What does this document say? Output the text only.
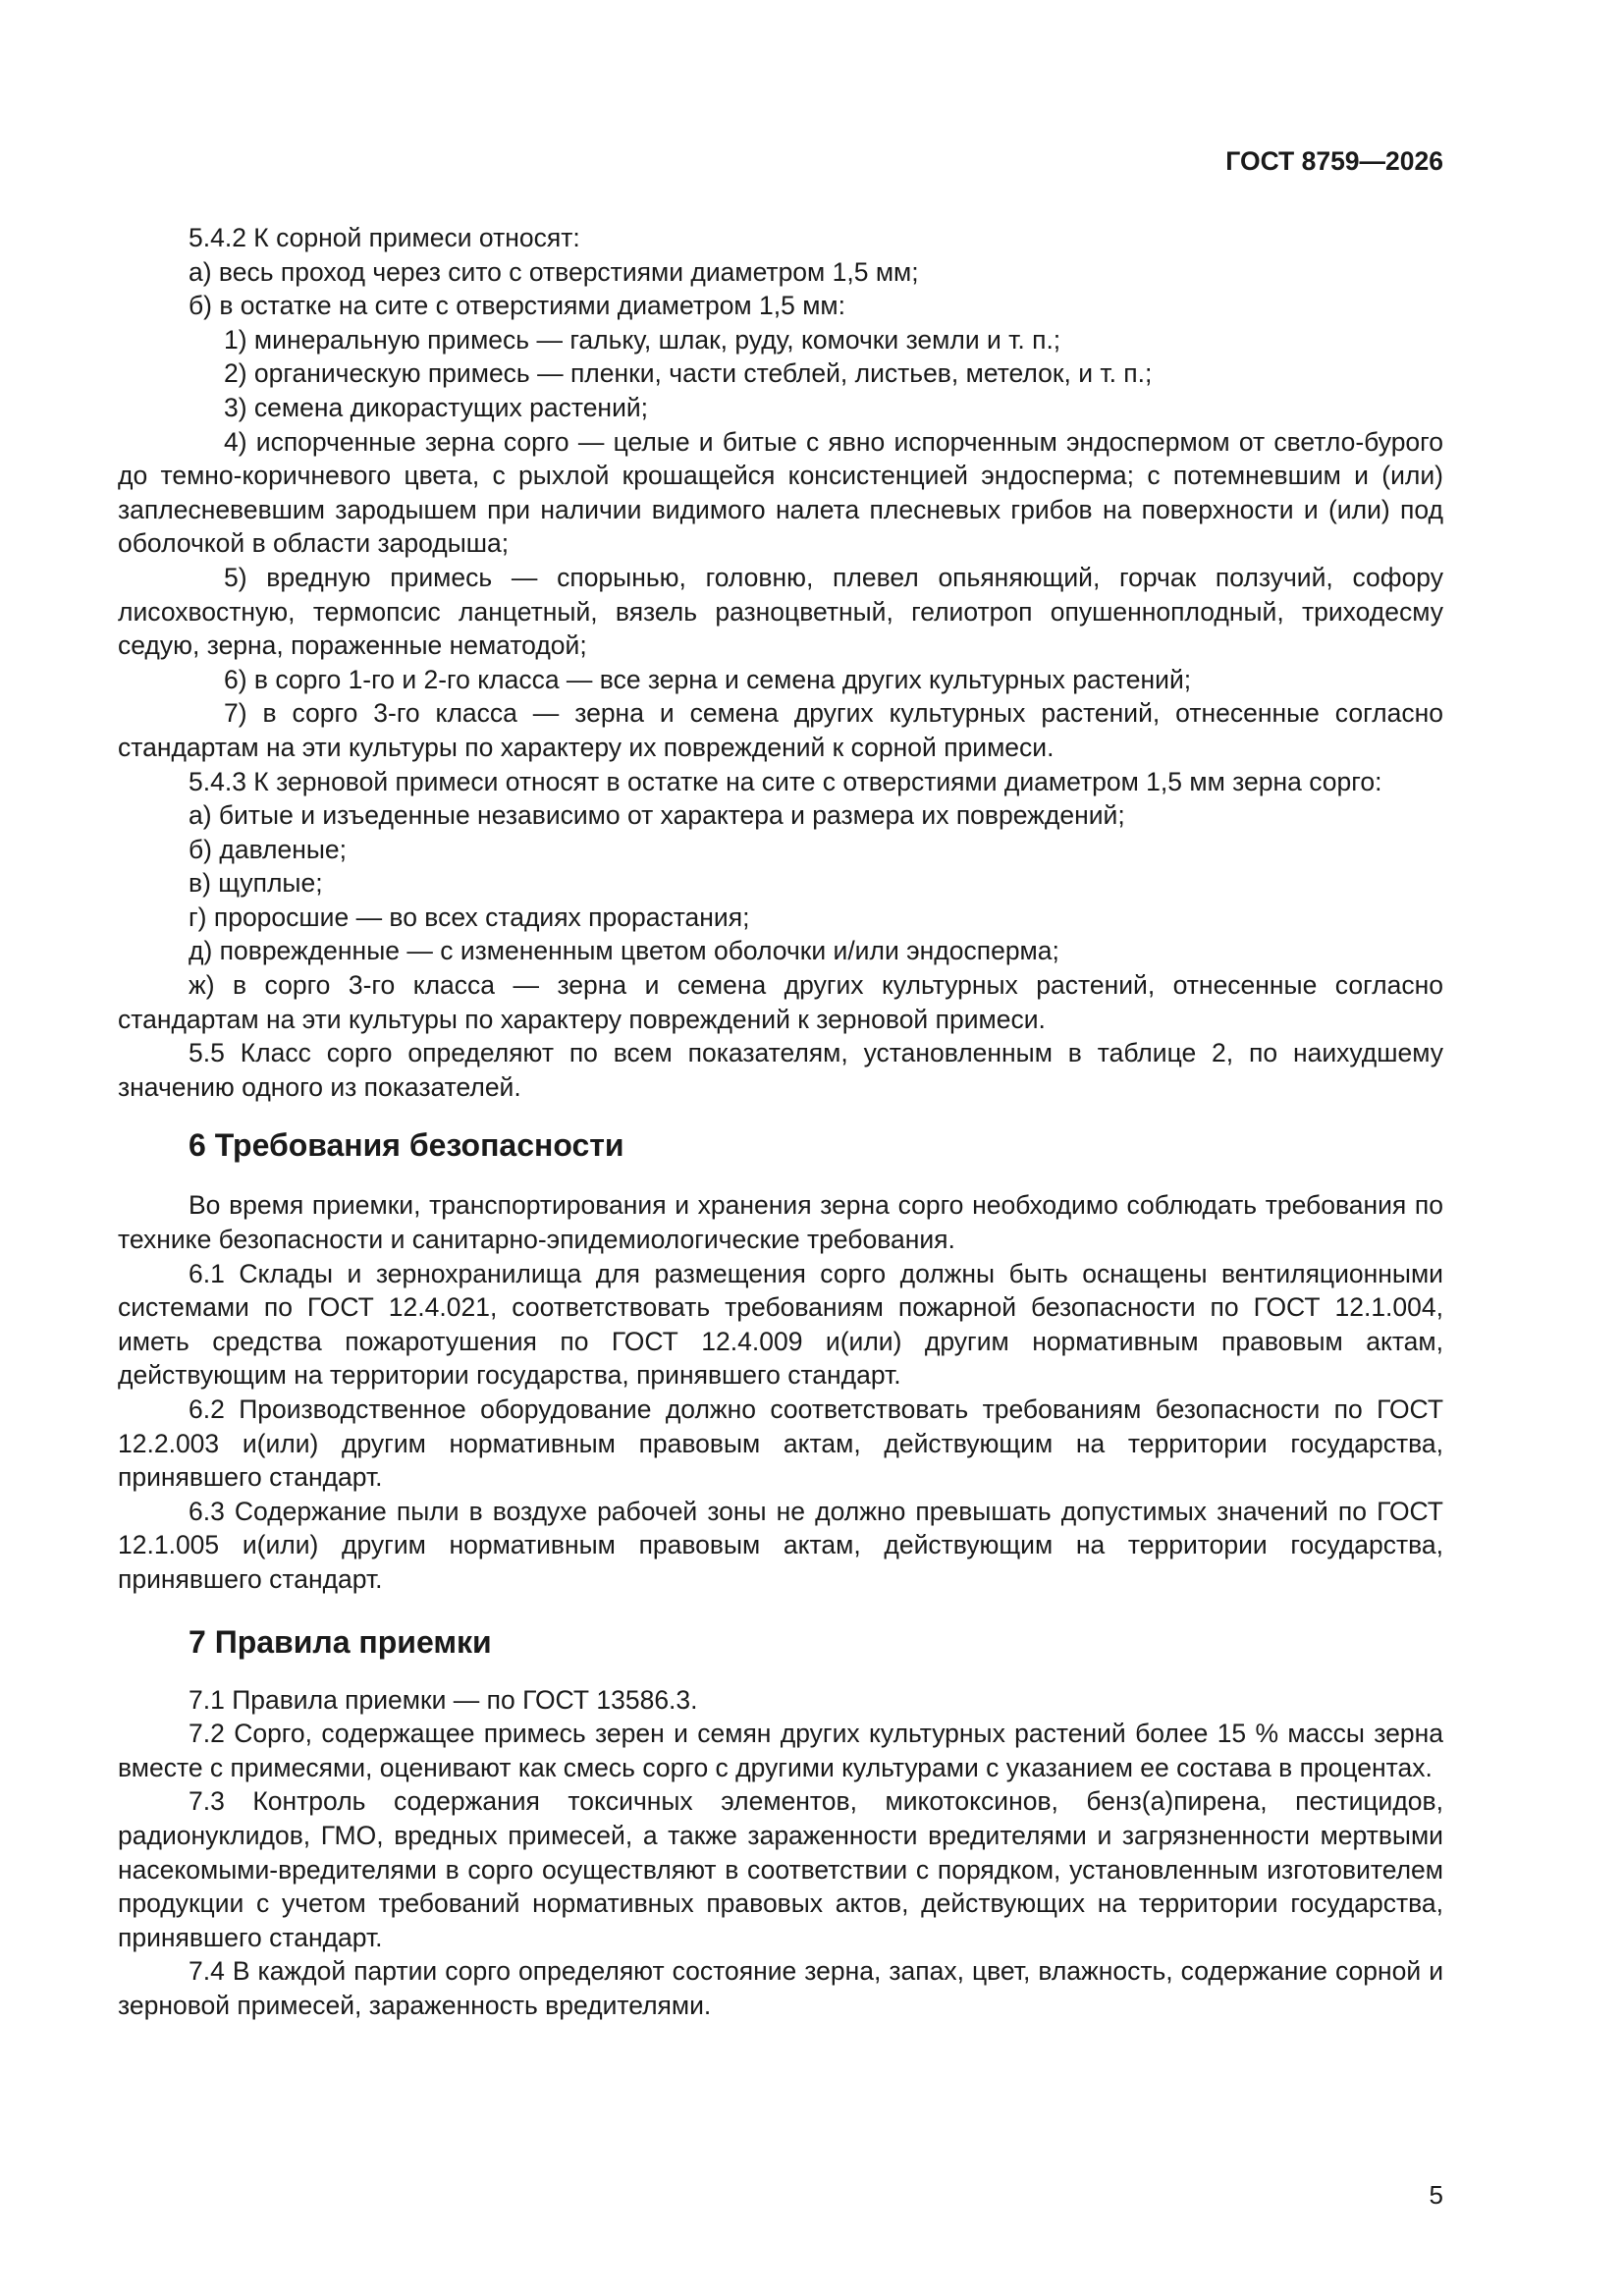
ГОСТ 8759—2026

5.4.2 К сорной примеси относят:

а) весь проход через сито с отверстиями диаметром 1,5 мм;

б) в остатке на сите с отверстиями диаметром 1,5 мм:

1) минеральную примесь — гальку, шлак, руду, комочки земли и т. п.;

2) органическую примесь — пленки, части стеблей, листьев, метелок, и т. п.;

3) семена дикорастущих растений;

4) испорченные зерна сорго — целые и битые с явно испорченным эндоспермом от светло-бурого до темно-коричневого цвета, с рыхлой крошащейся консистенцией эндосперма; с потемневшим и (или) заплесневевшим зародышем при наличии видимого налета плесневых грибов на поверхности и (или) под оболочкой в области зародыша;

5) вредную примесь — спорынью, головню, плевел опьяняющий, горчак ползучий, софору лисохвостную, термопсис ланцетный, вязель разноцветный, гелиотроп опушенноплодный, триходесму седую, зерна, пораженные нематодой;

6) в сорго 1-го и 2-го класса — все зерна и семена других культурных растений;

7) в сорго 3-го класса — зерна и семена других культурных растений, отнесенные согласно стандартам на эти культуры по характеру их повреждений к сорной примеси.

5.4.3 К зерновой примеси относят в остатке на сите с отверстиями диаметром 1,5 мм зерна сорго:

а) битые и изъеденные независимо от характера и размера их повреждений;

б) давленые;

в) щуплые;

г) проросшие — во всех стадиях прорастания;

д) поврежденные — с измененным цветом оболочки и/или эндосперма;

ж) в сорго 3-го класса — зерна и семена других культурных растений, отнесенные согласно стандартам на эти культуры по характеру повреждений к зерновой примеси.

5.5 Класс сорго определяют по всем показателям, установленным в таблице 2, по наихудшему значению одного из показателей.

6 Требования безопасности

Во время приемки, транспортирования и хранения зерна сорго необходимо соблюдать требования по технике безопасности и санитарно-эпидемиологические требования.

6.1 Склады и зернохранилища для размещения сорго должны быть оснащены вентиляционными системами по ГОСТ 12.4.021, соответствовать требованиям пожарной безопасности по ГОСТ 12.1.004, иметь средства пожаротушения по ГОСТ 12.4.009 и(или) другим нормативным правовым актам, действующим на территории государства, принявшего стандарт.

6.2 Производственное оборудование должно соответствовать требованиям безопасности по ГОСТ 12.2.003 и(или) другим нормативным правовым актам, действующим на территории государства, принявшего стандарт.

6.3 Содержание пыли в воздухе рабочей зоны не должно превышать допустимых значений по ГОСТ 12.1.005 и(или) другим нормативным правовым актам, действующим на территории государства, принявшего стандарт.

7 Правила приемки

7.1 Правила приемки — по ГОСТ 13586.3.

7.2 Сорго, содержащее примесь зерен и семян других культурных растений более 15 % массы зерна вместе с примесями, оценивают как смесь сорго с другими культурами с указанием ее состава в процентах.

7.3 Контроль содержания токсичных элементов, микотоксинов, бенз(а)пирена, пестицидов, радионуклидов, ГМО, вредных примесей, а также зараженности вредителями и загрязненности мертвыми насекомыми-вредителями в сорго осуществляют в соответствии с порядком, установленным изготовителем продукции с учетом требований нормативных правовых актов, действующих на территории государства, принявшего стандарт.

7.4 В каждой партии сорго определяют состояние зерна, запах, цвет, влажность, содержание сорной и зерновой примесей, зараженность вредителями.

5
